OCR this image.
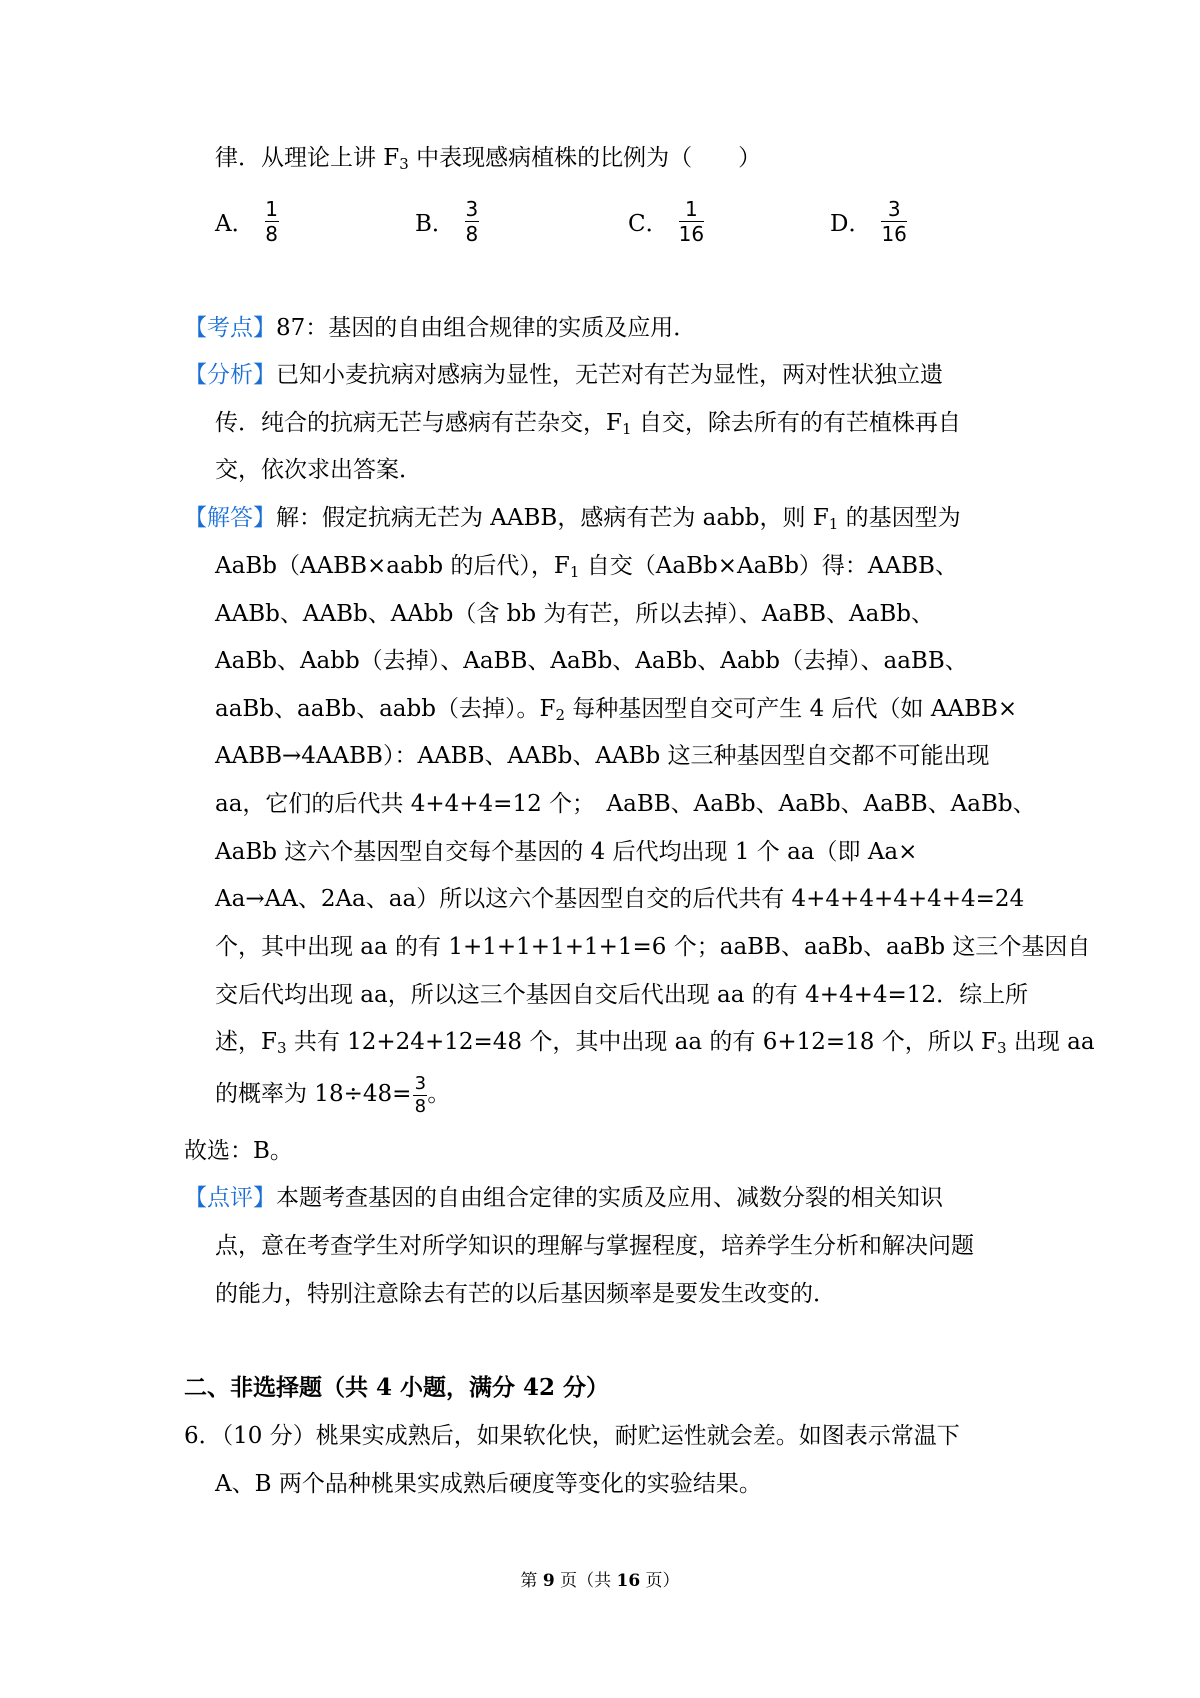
律．从理论上讲 $F_3$ 中表现感病植株的比例为（　　）
A． $\frac{1}{8}$	B． $\frac{3}{8}$	C． $\frac{1}{16}$	D． $\frac{3}{16}$
【考点】87：基因的自由组合规律的实质及应用．
【分析】已知小麦抗病对感病为显性，无芒对有芒为显性，两对性状独立遗
传．纯合的抗病无芒与感病有芒杂交，$F_1$ 自交，除去所有的有芒植株再自
交，依次求出答案．
【解答】解：假定抗病无芒为 AABB，感病有芒为 aabb，则 $F_1$ 的基因型为
AaBb（AABB×aabb 的后代），$F_1$ 自交（AaBb×AaBb）得：AABB、
AABb、AABb、AAbb（含 bb 为有芒，所以去掉）、AaBB、AaBb、
AaBb、Aabb（去掉）、AaBB、AaBb、AaBb、Aabb（去掉）、aaBB、
aaBb、aaBb、aabb（去掉）。$F_2$ 每种基因型自交可产生 4 后代（如 AABB×
AABB→4AABB）：AABB、AABb、AABb 这三种基因型自交都不可能出现
aa，它们的后代共 4+4+4=12 个；　AaBB、AaBb、AaBb、AaBB、AaBb、
AaBb 这六个基因型自交每个基因的 4 后代均出现 1 个 aa（即 Aa×
Aa→AA、2Aa、aa）所以这六个基因型自交的后代共有 4+4+4+4+4+4=24
个，其中出现 aa 的有 1+1+1+1+1+1=6 个；aaBB、aaBb、aaBb 这三个基因自
交后代均出现 aa，所以这三个基因自交后代出现 aa 的有 4+4+4=12．综上所
述，$F_3$ 共有 12+24+12=48 个，其中出现 aa 的有 6+12=18 个，所以 $F_3$ 出现 aa
的概率为 $18\div 48= \frac{3}{8}$ 。
故选：B。
【点评】本题考查基因的自由组合定律的实质及应用、减数分裂的相关知识
点，意在考查学生对所学知识的理解与掌握程度，培养学生分析和解决问题
的能力，特别注意除去有芒的以后基因频率是要发生改变的．
二、非选择题（共 4 小题，满分 42 分）
6．（10 分）桃果实成熟后，如果软化快，耐贮运性就会差。如图表示常温下
A、B 两个品种桃果实成熟后硬度等变化的实验结果。
第 9 页（共 16 页）
